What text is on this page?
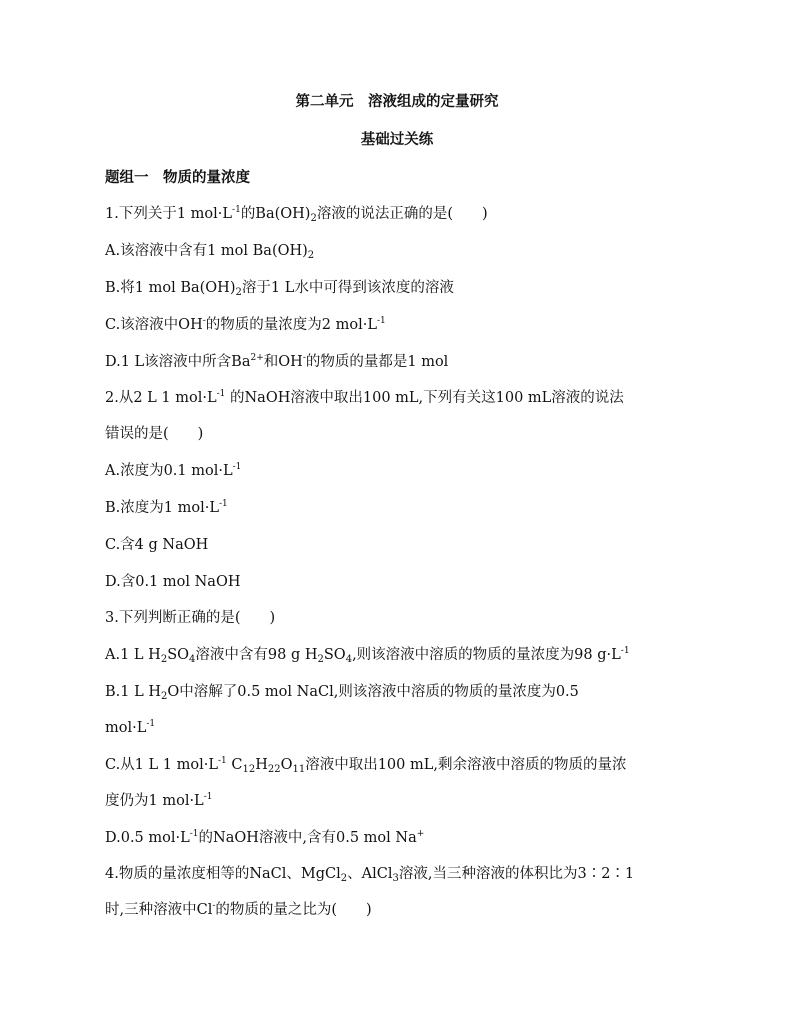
第二单元　溶液组成的定量研究
基础过关练
题组一　物质的量浓度
1.下列关于1 $mol\cdot L^{-1}$的$Ba(OH)_2$溶液的说法正确的是(　　)
A.该溶液中含有1 mol $Ba(OH)_2$
B.将1 mol $Ba(OH)_2$溶于1 L水中可得到该浓度的溶液
C.该溶液中OH-的物质的量浓度为2 $mol\cdot L^{-1}$
D.1 L该溶液中所含$Ba^{2+}$和OH-的物质的量都是1 mol
2.从2 L 1 $mol\cdot L^{-1}$ 的NaOH溶液中取出100 mL,下列有关这100 mL溶液的说法
错误的是(　　)
A.浓度为0.1 $mol\cdot L^{-1}$
B.浓度为1 $mol\cdot L^{-1}$
C.含4 g NaOH
D.含0.1 mol NaOH
3.下列判断正确的是(　　)
A.1 L $H_2SO_4$溶液中含有98 g $H_2SO_4$,则该溶液中溶质的物质的量浓度为98 $g\cdot L^{-1}$
B.1 L $H_2O$中溶解了0.5 mol NaCl,则该溶液中溶质的物质的量浓度为0.5
$mol\cdot L^{-1}$
C.从1 L 1 $mol\cdot L^{-1}$ $C_{12}H_{22}O_{11}$溶液中取出100 mL,剩余溶液中溶质的物质的量浓
度仍为1 $mol\cdot L^{-1}$
D.0.5 $mol\cdot L^{-1}$的NaOH溶液中,含有0.5 mol Na+
4.物质的量浓度相等的NaCl、MgCl$_2$、AlCl$_3$溶液,当三种溶液的体积比为3∶2∶1
时,三种溶液中Cl-的物质的量之比为(　　)
